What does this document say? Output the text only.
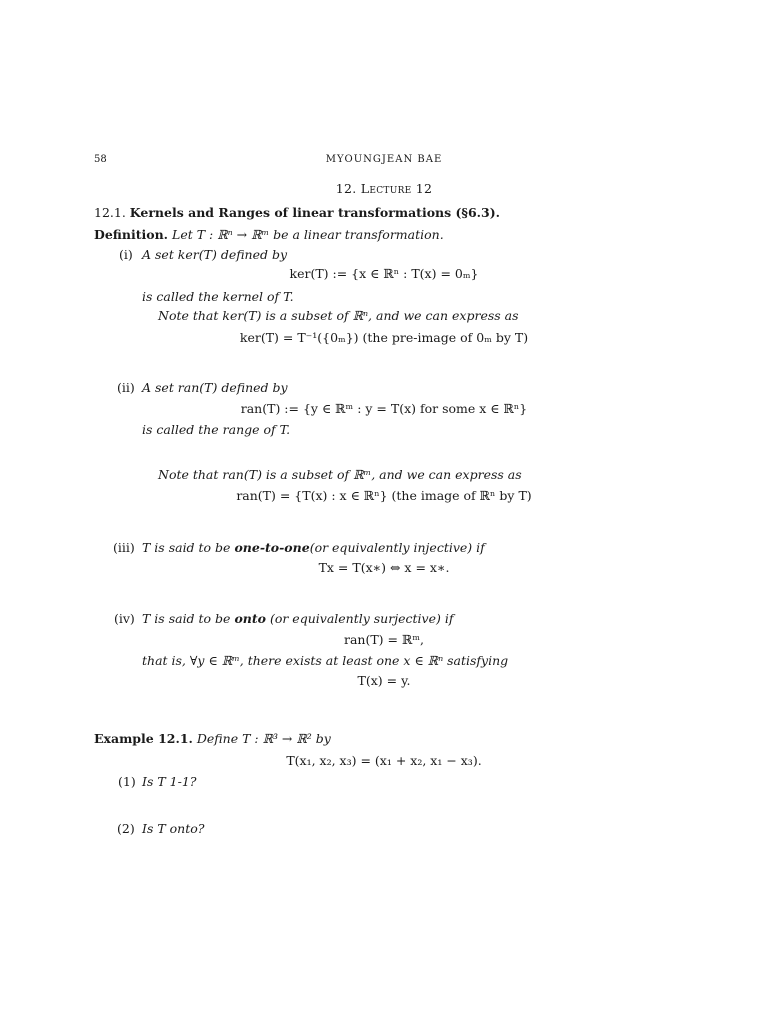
58	MYOUNGJEAN BAE
12. Lecture 12
12.1. Kernels and Ranges of linear transformations (§6.3).
Definition. Let T : ℝⁿ → ℝᵐ be a linear transformation.
(i) A set ker(T) defined by
ker(T) := {x ∈ ℝⁿ : T(x) = 0ₘ}
is called the kernel of T.
Note that ker(T) is a subset of ℝⁿ, and we can express as
ker(T) = T⁻¹({0ₘ}) (the pre-image of 0ₘ by T)
(ii) A set ran(T) defined by
ran(T) := {y ∈ ℝᵐ : y = T(x) for some x ∈ ℝⁿ}
is called the range of T.
Note that ran(T) is a subset of ℝᵐ, and we can express as
ran(T) = {T(x) : x ∈ ℝⁿ} (the image of ℝⁿ by T)
(iii) T is said to be one-to-one(or equivalently injective) if
Tx = T(x∗) ⇔ x = x∗.
(iv) T is said to be onto (or equivalently surjective) if
ran(T) = ℝᵐ,
that is, ∀y ∈ ℝᵐ, there exists at least one x ∈ ℝⁿ satisfying
T(x) = y.
Example 12.1. Define T : ℝ³ → ℝ² by
T(x₁, x₂, x₃) = (x₁ + x₂, x₁ − x₃).
(1) Is T 1-1?
(2) Is T onto?
